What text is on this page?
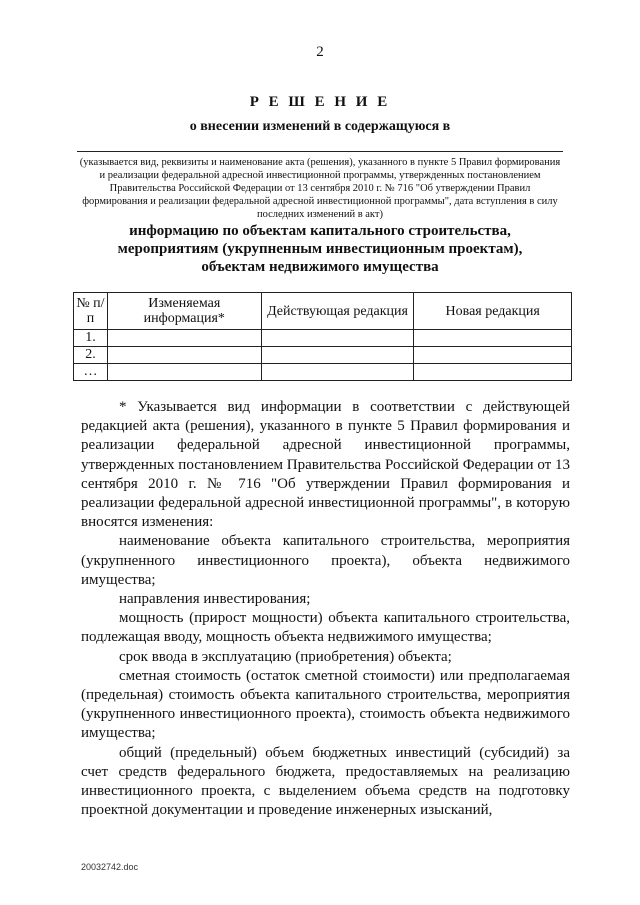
2
Р Е Ш Е Н И Е
о внесении изменений в содержащуюся в
(указывается вид, реквизиты и наименование акта (решения), указанного в пункте 5 Правил формирования и реализации федеральной адресной инвестиционной программы, утвержденных постановлением Правительства Российской Федерации от 13 сентября 2010 г. № 716 "Об утверждении Правил формирования и реализации федеральной адресной инвестиционной программы", дата вступления в силу последних изменений в акт)
информацию по объектам капитального строительства,
мероприятиям (укрупненным инвестиционным проектам),
объектам недвижимого имущества
№ п/п	Изменяемая информация*	Действующая редакция	Новая редакция
1.			
2.			
…			

* Указывается вид информации в соответствии с действующей редакцией акта (решения), указанного в пункте 5 Правил формирования и реализации федеральной адресной инвестиционной программы, утвержденных постановлением Правительства Российской Федерации от 13 сентября 2010 г. № 716 "Об утверждении Правил формирования и реализации федеральной адресной инвестиционной программы", в которую вносятся изменения:

наименование объекта капитального строительства, мероприятия (укрупненного инвестиционного проекта), объекта недвижимого имущества;

направления инвестирования;

мощность (прирост мощности) объекта капитального строительства, подлежащая вводу, мощность объекта недвижимого имущества;

срок ввода в эксплуатацию (приобретения) объекта;

сметная стоимость (остаток сметной стоимости) или предполагаемая (предельная) стоимость объекта капитального строительства, мероприятия (укрупненного инвестиционного проекта), стоимость объекта недвижимого имущества;

общий (предельный) объем бюджетных инвестиций (субсидий) за счет средств федерального бюджета, предоставляемых на реализацию инвестиционного проекта, с выделением объема средств на подготовку проектной документации и проведение инженерных изысканий,

20032742.doc
